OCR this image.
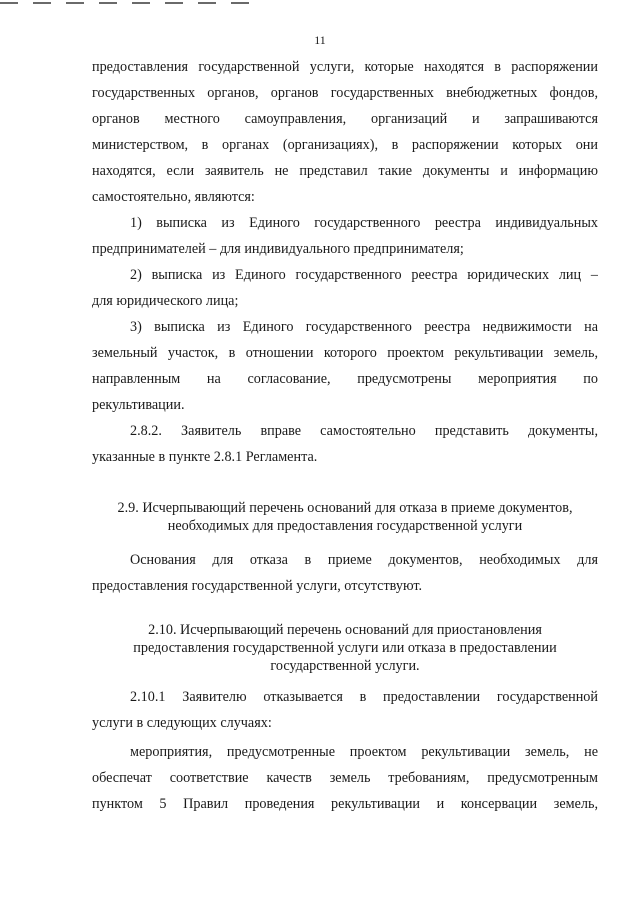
11
предоставления государственной услуги, которые находятся в распоряжении
государственных органов, органов государственных внебюджетных фондов,
органов местного самоуправления, организаций и запрашиваются
министерством, в органах (организациях), в распоряжении которых они
находятся, если заявитель не представил такие документы и информацию
самостоятельно, являются:
1) выписка из Единого государственного реестра индивидуальных
предпринимателей – для индивидуального предпринимателя;
2) выписка из Единого государственного реестра юридических лиц –
для юридического лица;
3) выписка из Единого государственного реестра недвижимости на
земельный участок, в отношении которого проектом рекультивации земель,
направленным на согласование, предусмотрены мероприятия по
рекультивации.
2.8.2. Заявитель вправе самостоятельно представить документы,
указанные в пункте 2.8.1 Регламента.
2.9. Исчерпывающий перечень оснований для отказа в приеме документов,
необходимых для предоставления государственной услуги
Основания для отказа в приеме документов, необходимых для
предоставления государственной услуги, отсутствуют.
2.10. Исчерпывающий перечень оснований для приостановления
предоставления государственной услуги или отказа в предоставлении
государственной услуги.
2.10.1 Заявителю отказывается в предоставлении государственной
услуги в следующих случаях:
мероприятия, предусмотренные проектом рекультивации земель, не
обеспечат соответствие качеств земель требованиям, предусмотренным
пунктом 5 Правил проведения рекультивации и консервации земель,
